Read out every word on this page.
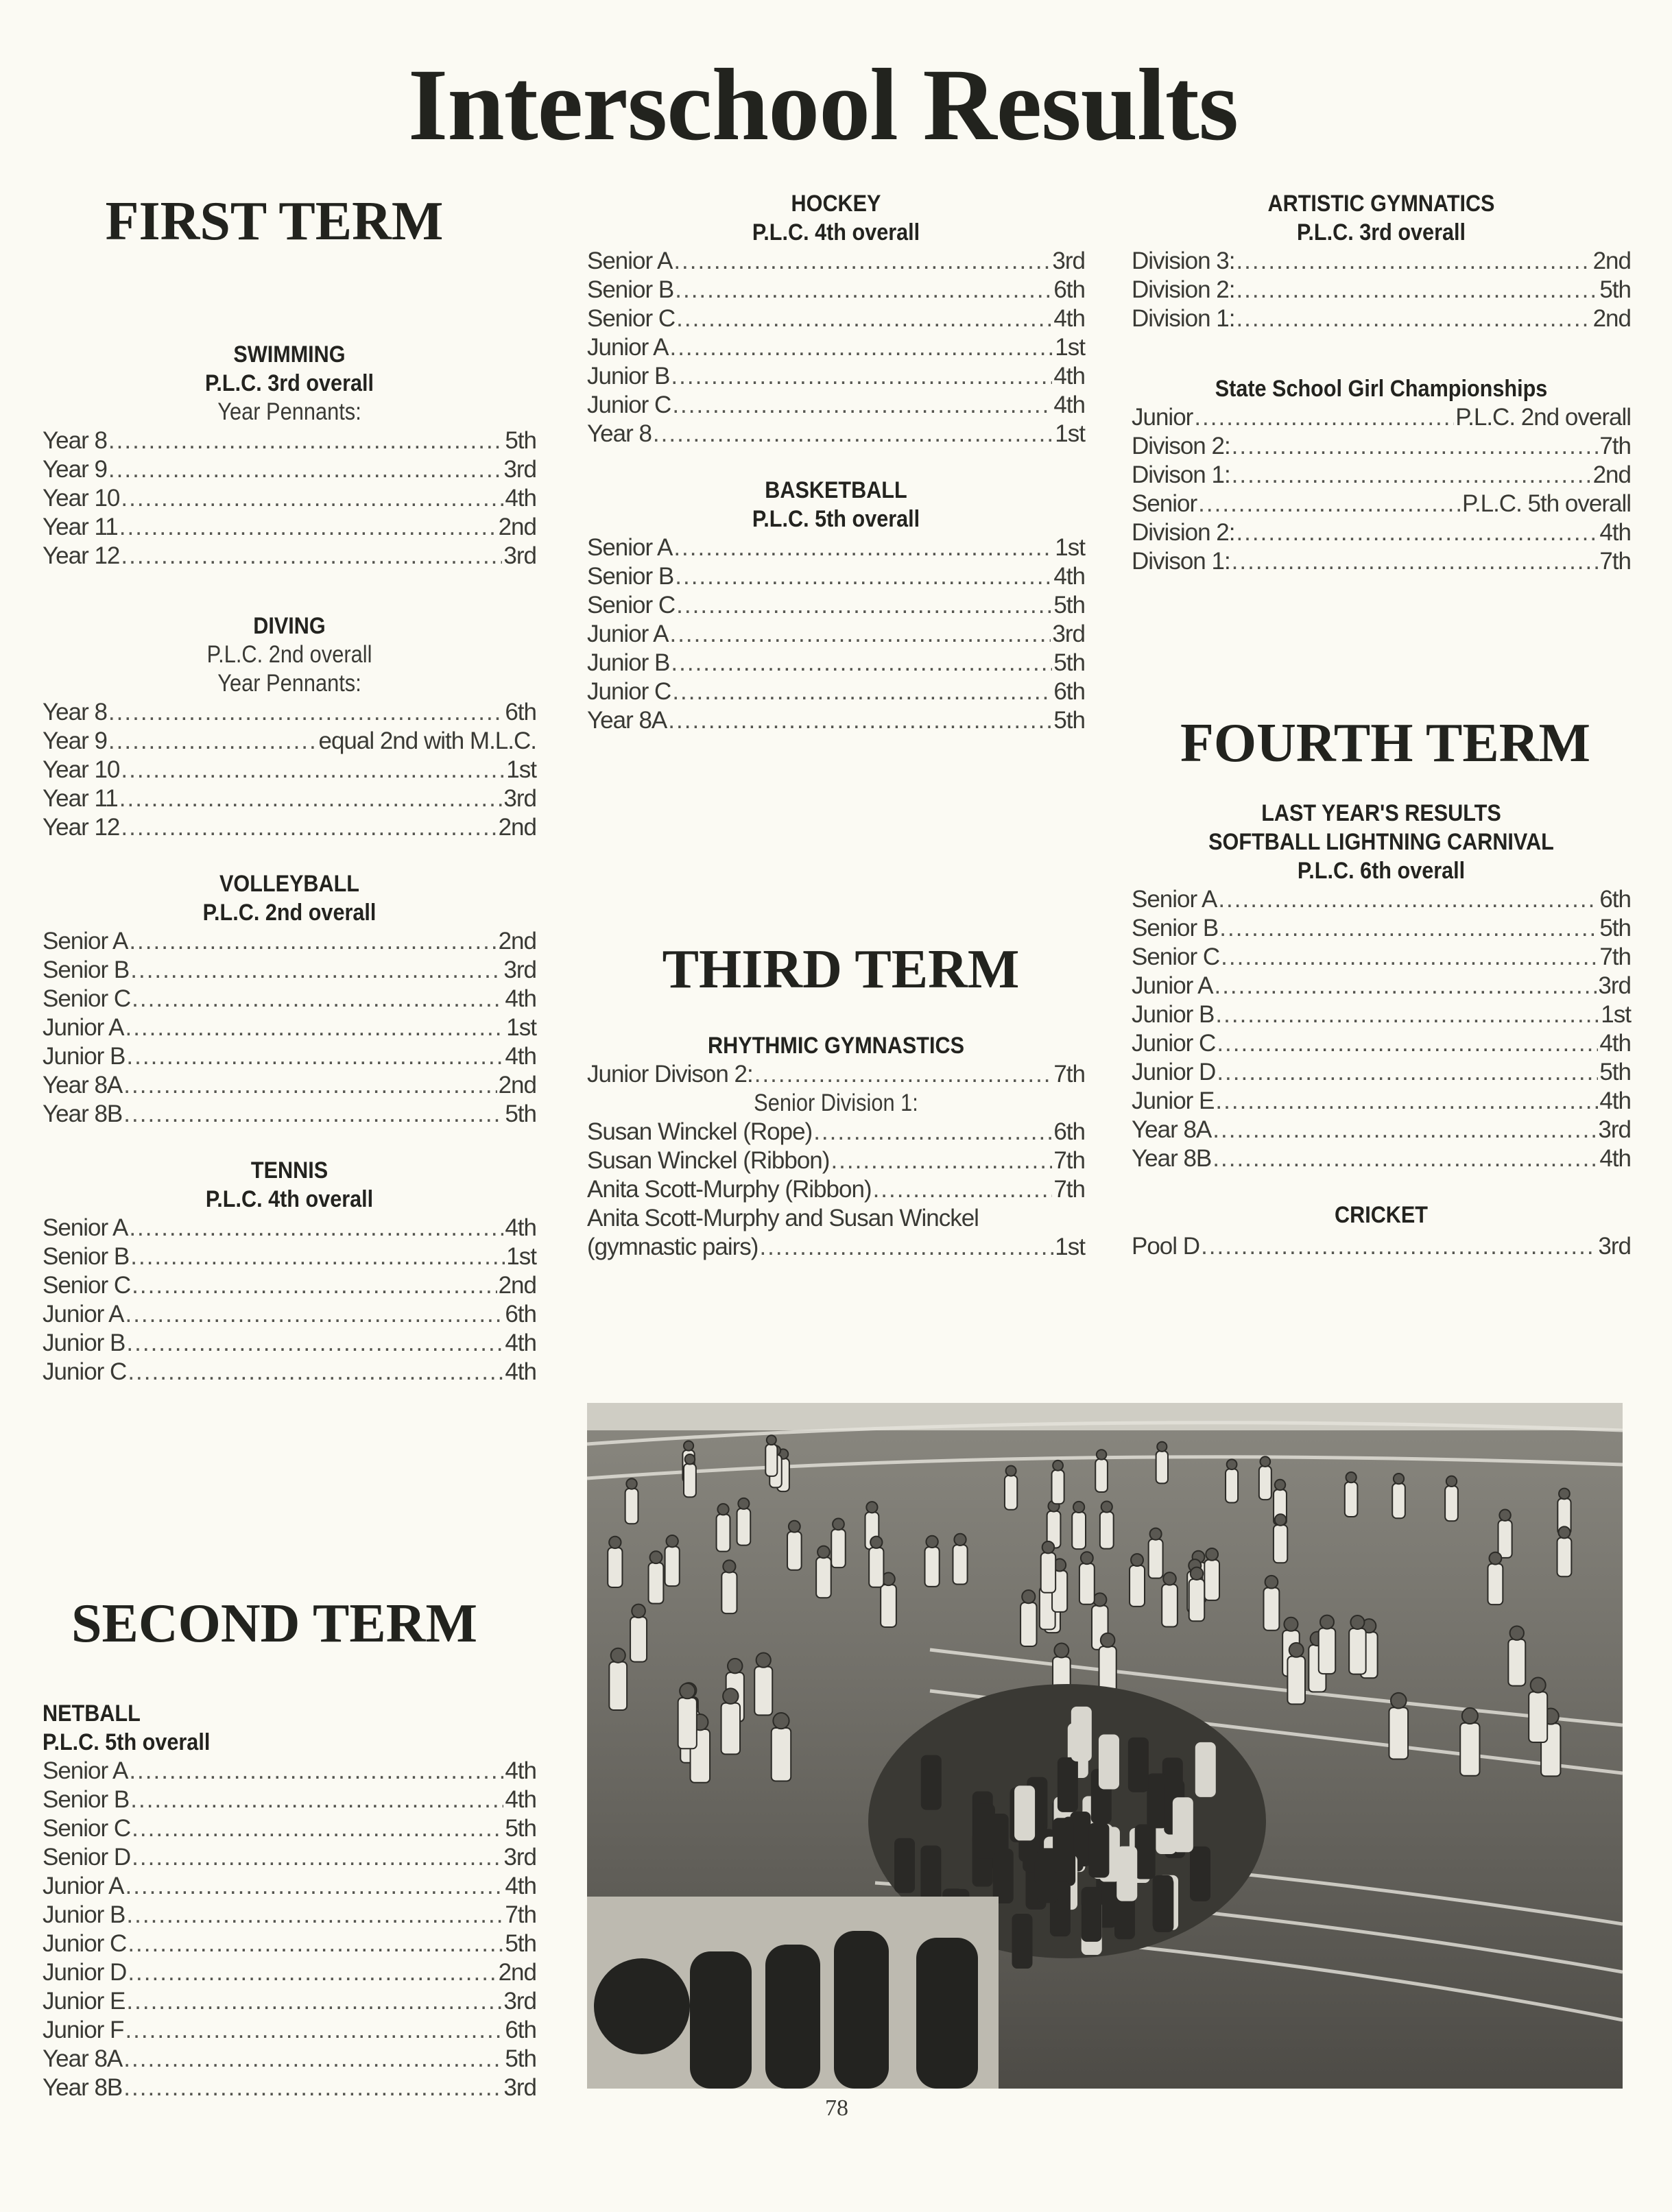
Interschool Results
FIRST TERM
SECOND TERM
THIRD TERM
FOURTH TERM
SWIMMING
P.L.C. 3rd overall
Year Pennants:
Year 8 .....	5th
Year 9 .....	3rd
Year 10 .....	4th
Year 11 .....	2nd
Year 12 .....	3rd
DIVING
P.L.C. 2nd overall
Year Pennants:
Year 8 .....	6th
Year 9 .....	equal 2nd with M.L.C.
Year 10 .....	1st
Year 11 .....	3rd
Year 12 .....	2nd
VOLLEYBALL
P.L.C. 2nd overall
Senior A .....	2nd
Senior B .....	3rd
Senior C .....	4th
Junior A .....	1st
Junior B .....	4th
Year 8A .....	2nd
Year 8B .....	5th
TENNIS
P.L.C. 4th overall
Senior A .....	4th
Senior B .....	1st
Senior C .....	2nd
Junior A .....	6th
Junior B .....	4th
Junior C .....	4th
NETBALL
P.L.C. 5th overall
Senior A .....	4th
Senior B .....	4th
Senior C .....	5th
Senior D .....	3rd
Junior A .....	4th
Junior B .....	7th
Junior C .....	5th
Junior D .....	2nd
Junior E .....	3rd
Junior F .....	6th
Year 8A .....	5th
Year 8B .....	3rd
HOCKEY
P.L.C. 4th overall
Senior A .....	3rd
Senior B .....	6th
Senior C .....	4th
Junior A .....	1st
Junior B .....	4th
Junior C .....	4th
Year 8 .....	1st
BASKETBALL
P.L.C. 5th overall
Senior A .....	1st
Senior B .....	4th
Senior C .....	5th
Junior A .....	3rd
Junior B .....	5th
Junior C .....	6th
Year 8A .....	5th
RHYTHMIC GYMNASTICS
Junior Divison 2: .....	7th
Senior Division 1:
Susan Winckel (Rope) .....	6th
Susan Winckel (Ribbon) .....	7th
Anita Scott-Murphy (Ribbon) .....	7th
Anita Scott-Murphy and Susan Winckel
(gymnastic pairs) .....	1st
ARTISTIC GYMNATICS
P.L.C. 3rd overall
Division 3: .....	2nd
Division 2: .....	5th
Division 1: .....	2nd
State School Girl Championships
Junior .....	P.L.C. 2nd overall
Divison 2: .....	7th
Divison 1: .....	2nd
Senior .....	P.L.C. 5th overall
Division 2: .....	4th
Divison 1: .....	7th
LAST YEAR'S RESULTS
SOFTBALL LIGHTNING CARNIVAL
P.L.C. 6th overall
Senior A .....	6th
Senior B .....	5th
Senior C .....	7th
Junior A .....	3rd
Junior B .....	1st
Junior C .....	4th
Junior D .....	5th
Junior E .....	4th
Year 8A .....	3rd
Year 8B .....	4th
CRICKET
Pool D .....	3rd
78
